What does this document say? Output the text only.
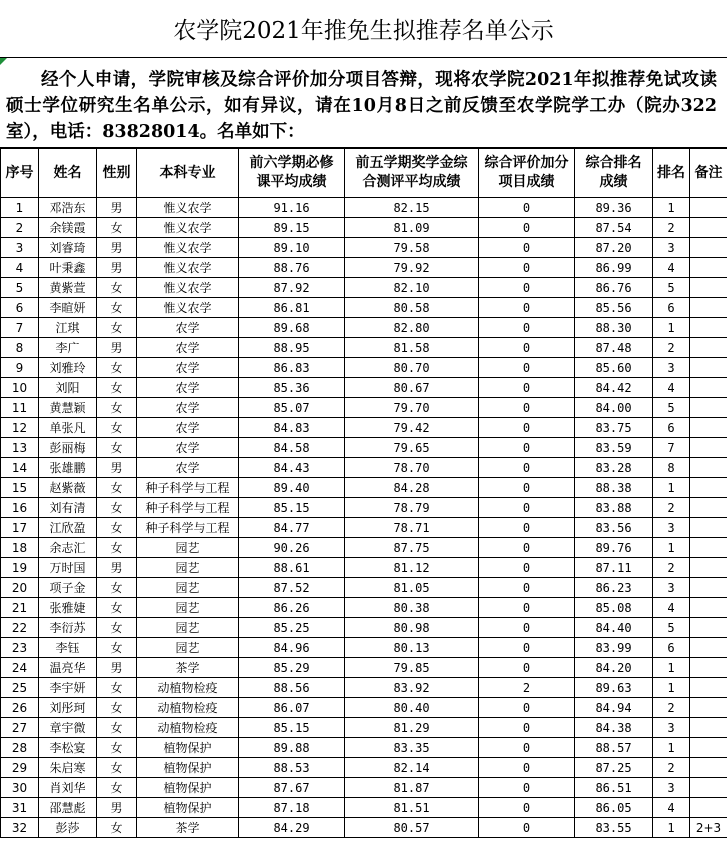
农学院2021年推免生拟推荐名单公示
经个人申请，学院审核及综合评价加分项目答辩，现将农学院2021年拟推荐免试攻读硕士学位研究生名单公示，如有异议，请在10月8日之前反馈至农学院学工办（院办322室），电话：83828014。名单如下：
序号	姓名	性别	本科专业	前六学期必修课平均成绩	前五学期奖学金综合测评平均成绩	综合评价加分项目成绩	综合排名成绩	排名	备注
1	邓浩东	男	惟义农学	91.16	82.15	0	89.36	1	
2	余镁霞	女	惟义农学	89.15	81.09	0	87.54	2	
3	刘睿琦	男	惟义农学	89.10	79.58	0	87.20	3	
4	叶秉鑫	男	惟义农学	88.76	79.92	0	86.99	4	
5	黄紫萱	女	惟义农学	87.92	82.10	0	86.76	5	
6	李暄妍	女	惟义农学	86.81	80.58	0	85.56	6	
7	江琪	女	农学	89.68	82.80	0	88.30	1	
8	李广	男	农学	88.95	81.58	0	87.48	2	
9	刘雅玲	女	农学	86.83	80.70	0	85.60	3	
10	刘阳	女	农学	85.36	80.67	0	84.42	4	
11	黄慧颖	女	农学	85.07	79.70	0	84.00	5	
12	单张凡	女	农学	84.83	79.42	0	83.75	6	
13	彭丽梅	女	农学	84.58	79.65	0	83.59	7	
14	张雄鹏	男	农学	84.43	78.70	0	83.28	8	
15	赵紫薇	女	种子科学与工程	89.40	84.28	0	88.38	1	
16	刘有清	女	种子科学与工程	85.15	78.79	0	83.88	2	
17	江欣盈	女	种子科学与工程	84.77	78.71	0	83.56	3	
18	余志汇	女	园艺	90.26	87.75	0	89.76	1	
19	万时国	男	园艺	88.61	81.12	0	87.11	2	
20	项子金	女	园艺	87.52	81.05	0	86.23	3	
21	张雅婕	女	园艺	86.26	80.38	0	85.08	4	
22	李衍苏	女	园艺	85.25	80.98	0	84.40	5	
23	李钰	女	园艺	84.96	80.13	0	83.99	6	
24	温亮华	男	茶学	85.29	79.85	0	84.20	1	
25	李宇妍	女	动植物检疫	88.56	83.92	2	89.63	1	
26	刘彤珂	女	动植物检疫	86.07	80.40	0	84.94	2	
27	章宇微	女	动植物检疫	85.15	81.29	0	84.38	3	
28	李松宴	女	植物保护	89.88	83.35	0	88.57	1	
29	朱启寒	女	植物保护	88.53	82.14	0	87.25	2	
30	肖刘华	女	植物保护	87.67	81.87	0	86.51	3	
31	邵慧彪	男	植物保护	87.18	81.51	0	86.05	4	
32	彭莎	女	茶学	84.29	80.57	0	83.55	1	2+3
